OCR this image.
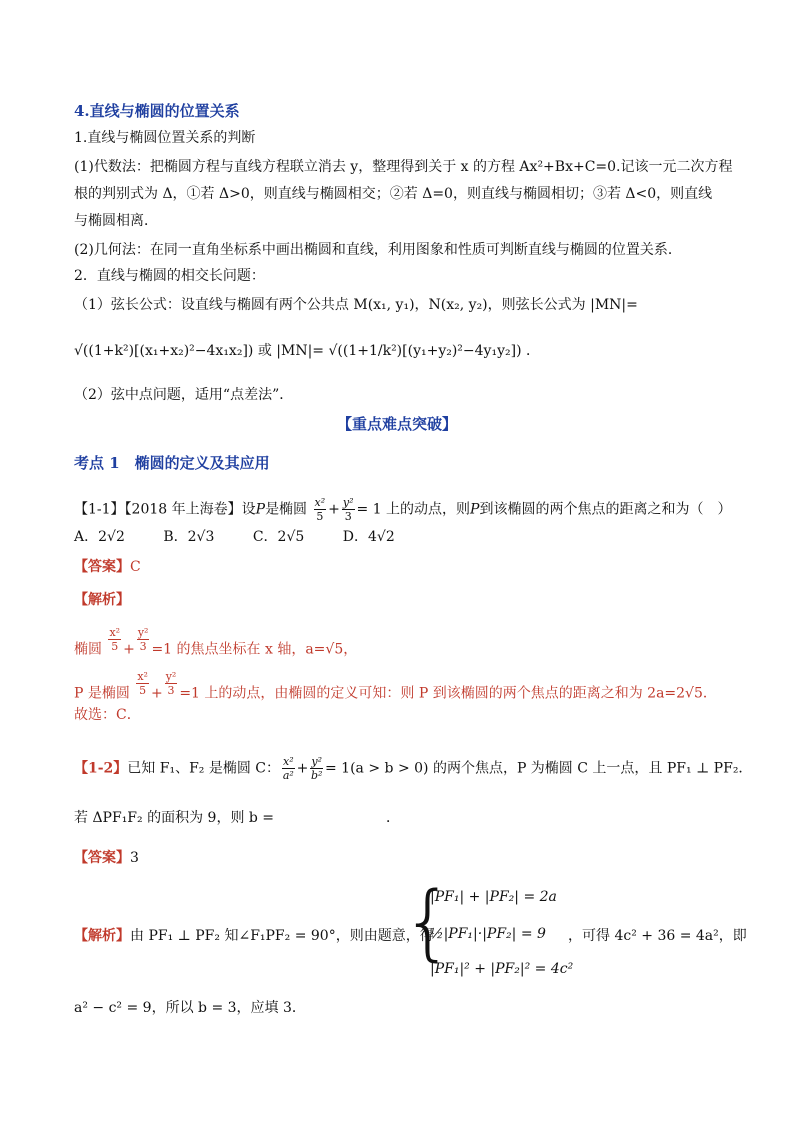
4.直线与椭圆的位置关系
1.直线与椭圆位置关系的判断
(1)代数法：把椭圆方程与直线方程联立消去 y，整理得到关于 x 的方程 Ax²+Bx+C=0.记该一元二次方程
根的判别式为 Δ，①若 Δ>0，则直线与椭圆相交；②若 Δ=0，则直线与椭圆相切；③若 Δ<0，则直线
与椭圆相离．
(2)几何法：在同一直角坐标系中画出椭圆和直线，利用图象和性质可判断直线与椭圆的位置关系．
2．直线与椭圆的相交长问题：
（1）弦长公式：设直线与椭圆有两个公共点 M(x₁, y₁)，N(x₂, y₂)，则弦长公式为 |MN|=
√((1+k²)[(x₁+x₂)²−4x₁x₂]) 或 |MN|= √((1+1/k²)[(y₁+y₂)²−4y₁y₂]) ．
（2）弦中点问题，适用“点差法”．
【重点难点突破】
考点 1　椭圆的定义及其应用
【1-1】【2018 年上海卷】设P是椭圆 $\frac{\text{x²}}{5} + \frac{\text{y²}}{3} = 1$ 上的动点，则P到该椭圆的两个焦点的距离之和为（　）
A．2√2	B．2√3	C．2√5	D．4√2
【答案】C
【解析】
椭圆 $\frac{\text{x²}}{5} + \frac{\text{y²}}{3} =1$ 的焦点坐标在 x 轴，a=√5，
P 是椭圆 $\frac{\text{x²}}{5} + \frac{\text{y²}}{3} =1$ 上的动点，由椭圆的定义可知：则 P 到该椭圆的两个焦点的距离之和为 2a=2√5．
故选：C．
【1-2】已知 F₁、F₂ 是椭圆 C： $\frac{\text{x²}}{\text{a²}} + \frac{\text{y²}}{\text{b²}} = 1(a > b > 0)$ 的两个焦点，P 为椭圆 C 上一点，且 PF₁ ⊥ PF₂．
若 ΔPF₁F₂ 的面积为 9，则 b =　　　　　　　　．
【答案】3
【解析】由 PF₁ ⊥ PF₂ 知∠F₁PF₂ = 90°，则由题意，得
{
|PF₁| + |PF₂| = 2a
½|PF₁|·|PF₂| = 9
|PF₁|² + |PF₂|² = 4c²
，可得 4c² + 36 = 4a²，即
a² − c² = 9，所以 b = 3，应填 3．
